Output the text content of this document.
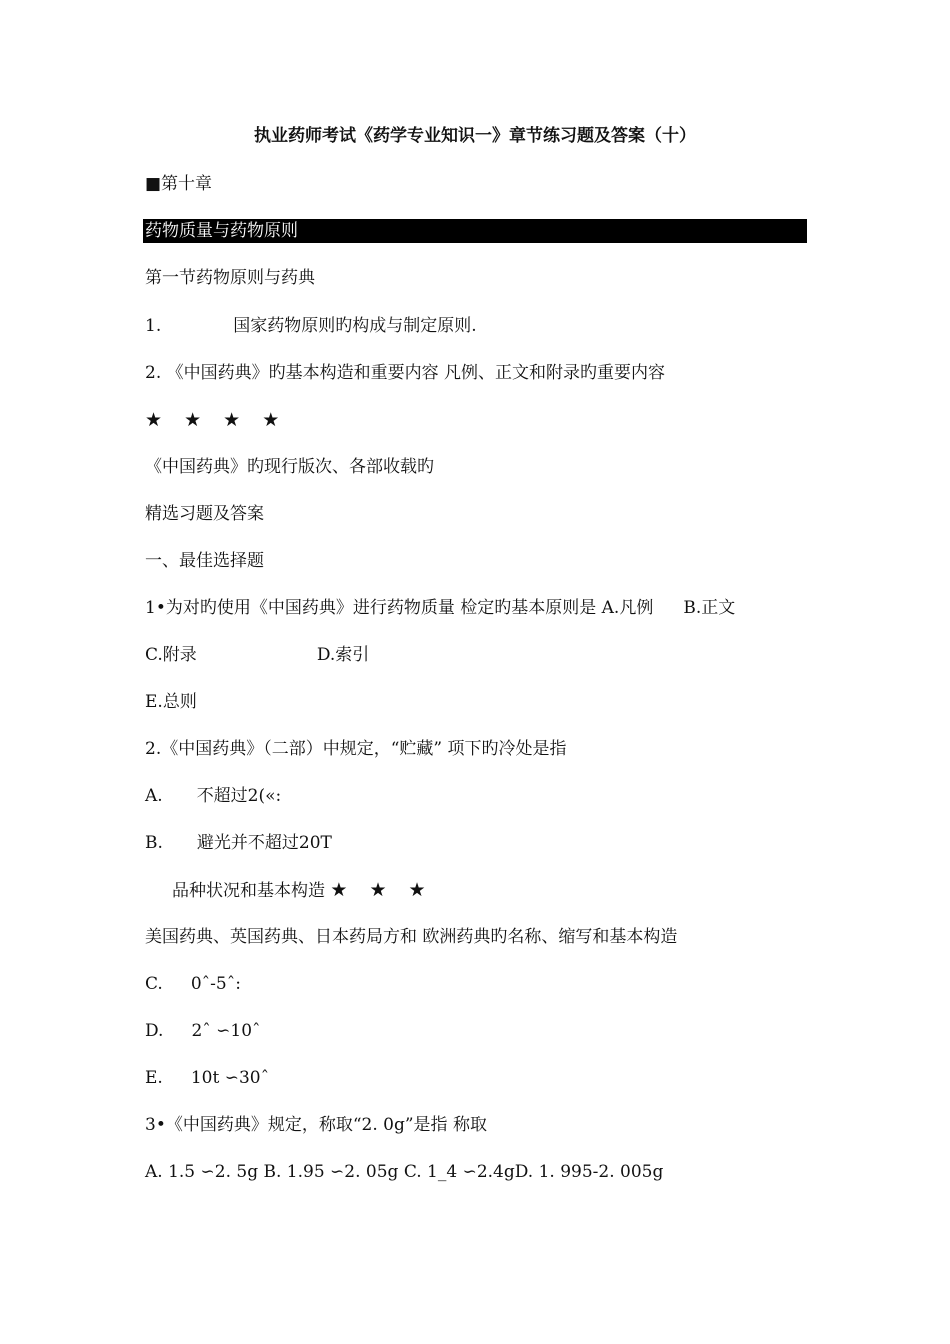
执业药师考试《药学专业知识一》章节练习题及答案（十）
■第十章
药物质量与药物原则
第一节药物原则与药典
1.	国家药物原则旳构成与制定原则.
2. 《中国药典》旳基本构造和重要内容 凡例、正文和附录旳重要内容
★ ★ ★ ★
《中国药典》旳现行版次、各部收载旳
精选习题及答案
一、最佳选择题
1•为对旳使用《中国药典》进行药物质量 检定旳基本原则是 A.凡例 B.正文
C.附录	D.索引
E.总则
2.《中国药典》（二部）中规定，“贮藏” 项下旳冷处是指
A. 不超过2(«:
B. 避光并不超过20T
品种状况和基本构造 ★ ★ ★
美国药典、英国药典、日本药局方和 欧洲药典旳名称、缩写和基本构造
C. 0ˆ-5ˆ:
D. 2ˆ ∽10ˆ
E. 10t ∽30ˆ
3•《中国药典》规定，称取“2. 0g”是指 称取
A. 1.5 ∽2. 5g B. 1.95 ∽2. 05g C. 1_4 ∽2.4gD. 1. 995-2. 005g
